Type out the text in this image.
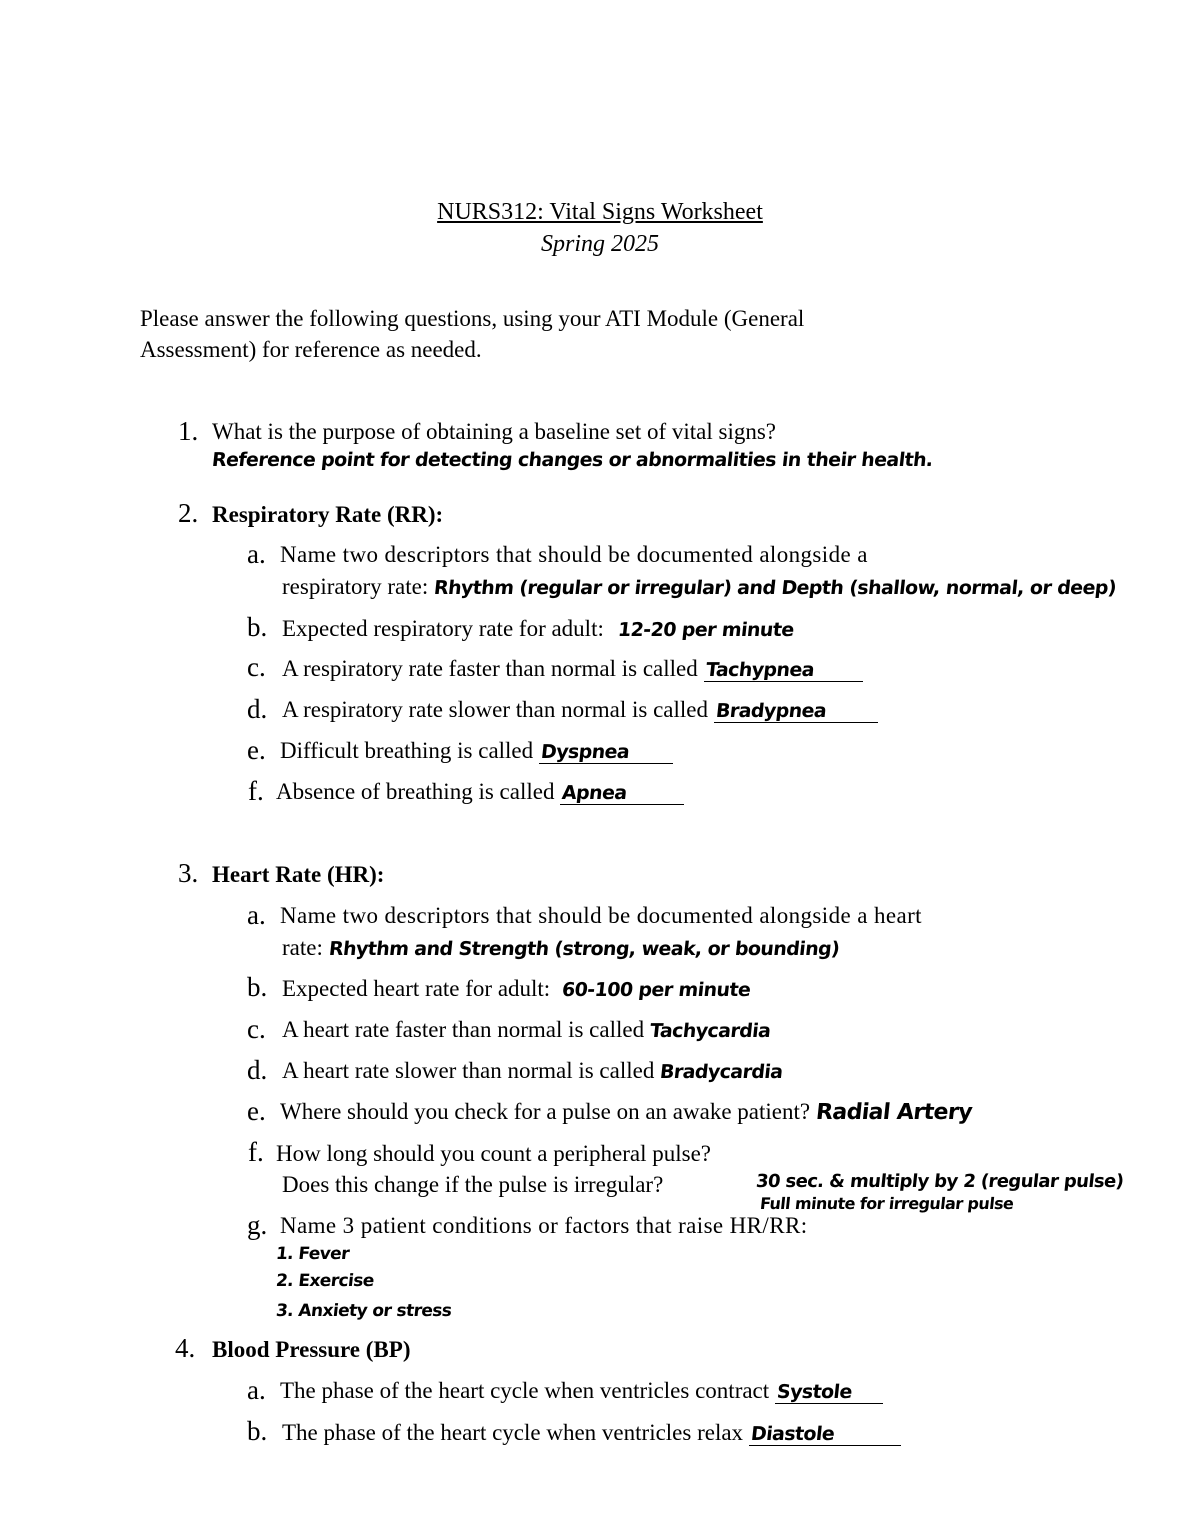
NURS312: Vital Signs Worksheet
Spring 2025
Please answer the following questions, using your ATI Module (General
Assessment) for reference as needed.
1. What is the purpose of obtaining a baseline set of vital signs?
Reference point for detecting changes or abnormalities in their health.
2. Respiratory Rate (RR):
a. Name two descriptors that should be documented alongside a
respiratory rate: Rhythm (regular or irregular) and Depth (shallow, normal, or deep)
b. Expected respiratory rate for adult: 12-20 per minute
c. A respiratory rate faster than normal is called Tachypnea
d. A respiratory rate slower than normal is called Bradypnea
e. Difficult breathing is called Dyspnea
f. Absence of breathing is called Apnea
3. Heart Rate (HR):
a. Name two descriptors that should be documented alongside a heart
rate: Rhythm and Strength (strong, weak, or bounding)
b. Expected heart rate for adult: 60-100 per minute
c. A heart rate faster than normal is called Tachycardia
d. A heart rate slower than normal is called Bradycardia
e. Where should you check for a pulse on an awake patient? Radial Artery
f. How long should you count a peripheral pulse?
Does this change if the pulse is irregular?	30 sec. & multiply by 2 (regular pulse)
Full minute for irregular pulse
g. Name 3 patient conditions or factors that raise HR/RR:
1. Fever
2. Exercise
3. Anxiety or stress
4. Blood Pressure (BP)
a. The phase of the heart cycle when ventricles contract Systole
b. The phase of the heart cycle when ventricles relax Diastole
